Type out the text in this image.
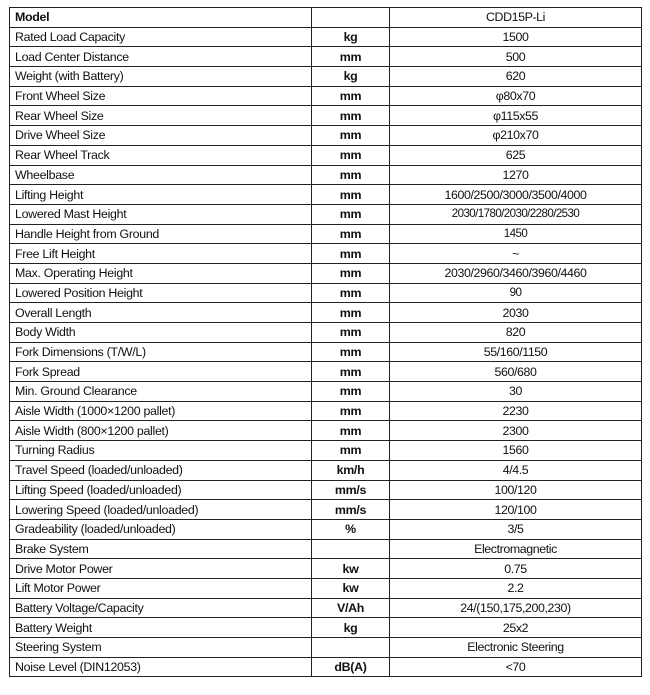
Model		CDD15P-Li
Rated Load Capacity	kg	1500
Load Center Distance	mm	500
Weight (with Battery)	kg	620
Front Wheel Size	mm	φ80x70
Rear Wheel Size	mm	φ115x55
Drive Wheel Size	mm	φ210x70
Rear Wheel Track	mm	625
Wheelbase	mm	1270
Lifting Height	mm	1600/2500/3000/3500/4000
Lowered Mast Height	mm	2030/1780/2030/2280/2530
Handle Height from Ground	mm	1450
Free Lift Height	mm	~
Max. Operating Height	mm	2030/2960/3460/3960/4460
Lowered Position Height	mm	90
Overall Length	mm	2030
Body Width	mm	820
Fork Dimensions (T/W/L)	mm	55/160/1150
Fork Spread	mm	560/680
Min. Ground Clearance	mm	30
Aisle Width (1000×1200 pallet)	mm	2230
Aisle Width (800×1200 pallet)	mm	2300
Turning Radius	mm	1560
Travel Speed (loaded/unloaded)	km/h	4/4.5
Lifting Speed (loaded/unloaded)	mm/s	100/120
Lowering Speed (loaded/unloaded)	mm/s	120/100
Gradeability (loaded/unloaded)	%	3/5
Brake System		Electromagnetic
Drive Motor Power	kw	0.75
Lift Motor Power	kw	2.2
Battery Voltage/Capacity	V/Ah	24/(150,175,200,230)
Battery Weight	kg	25x2
Steering System		Electronic Steering
Noise Level (DIN12053)	dB(A)	<70
